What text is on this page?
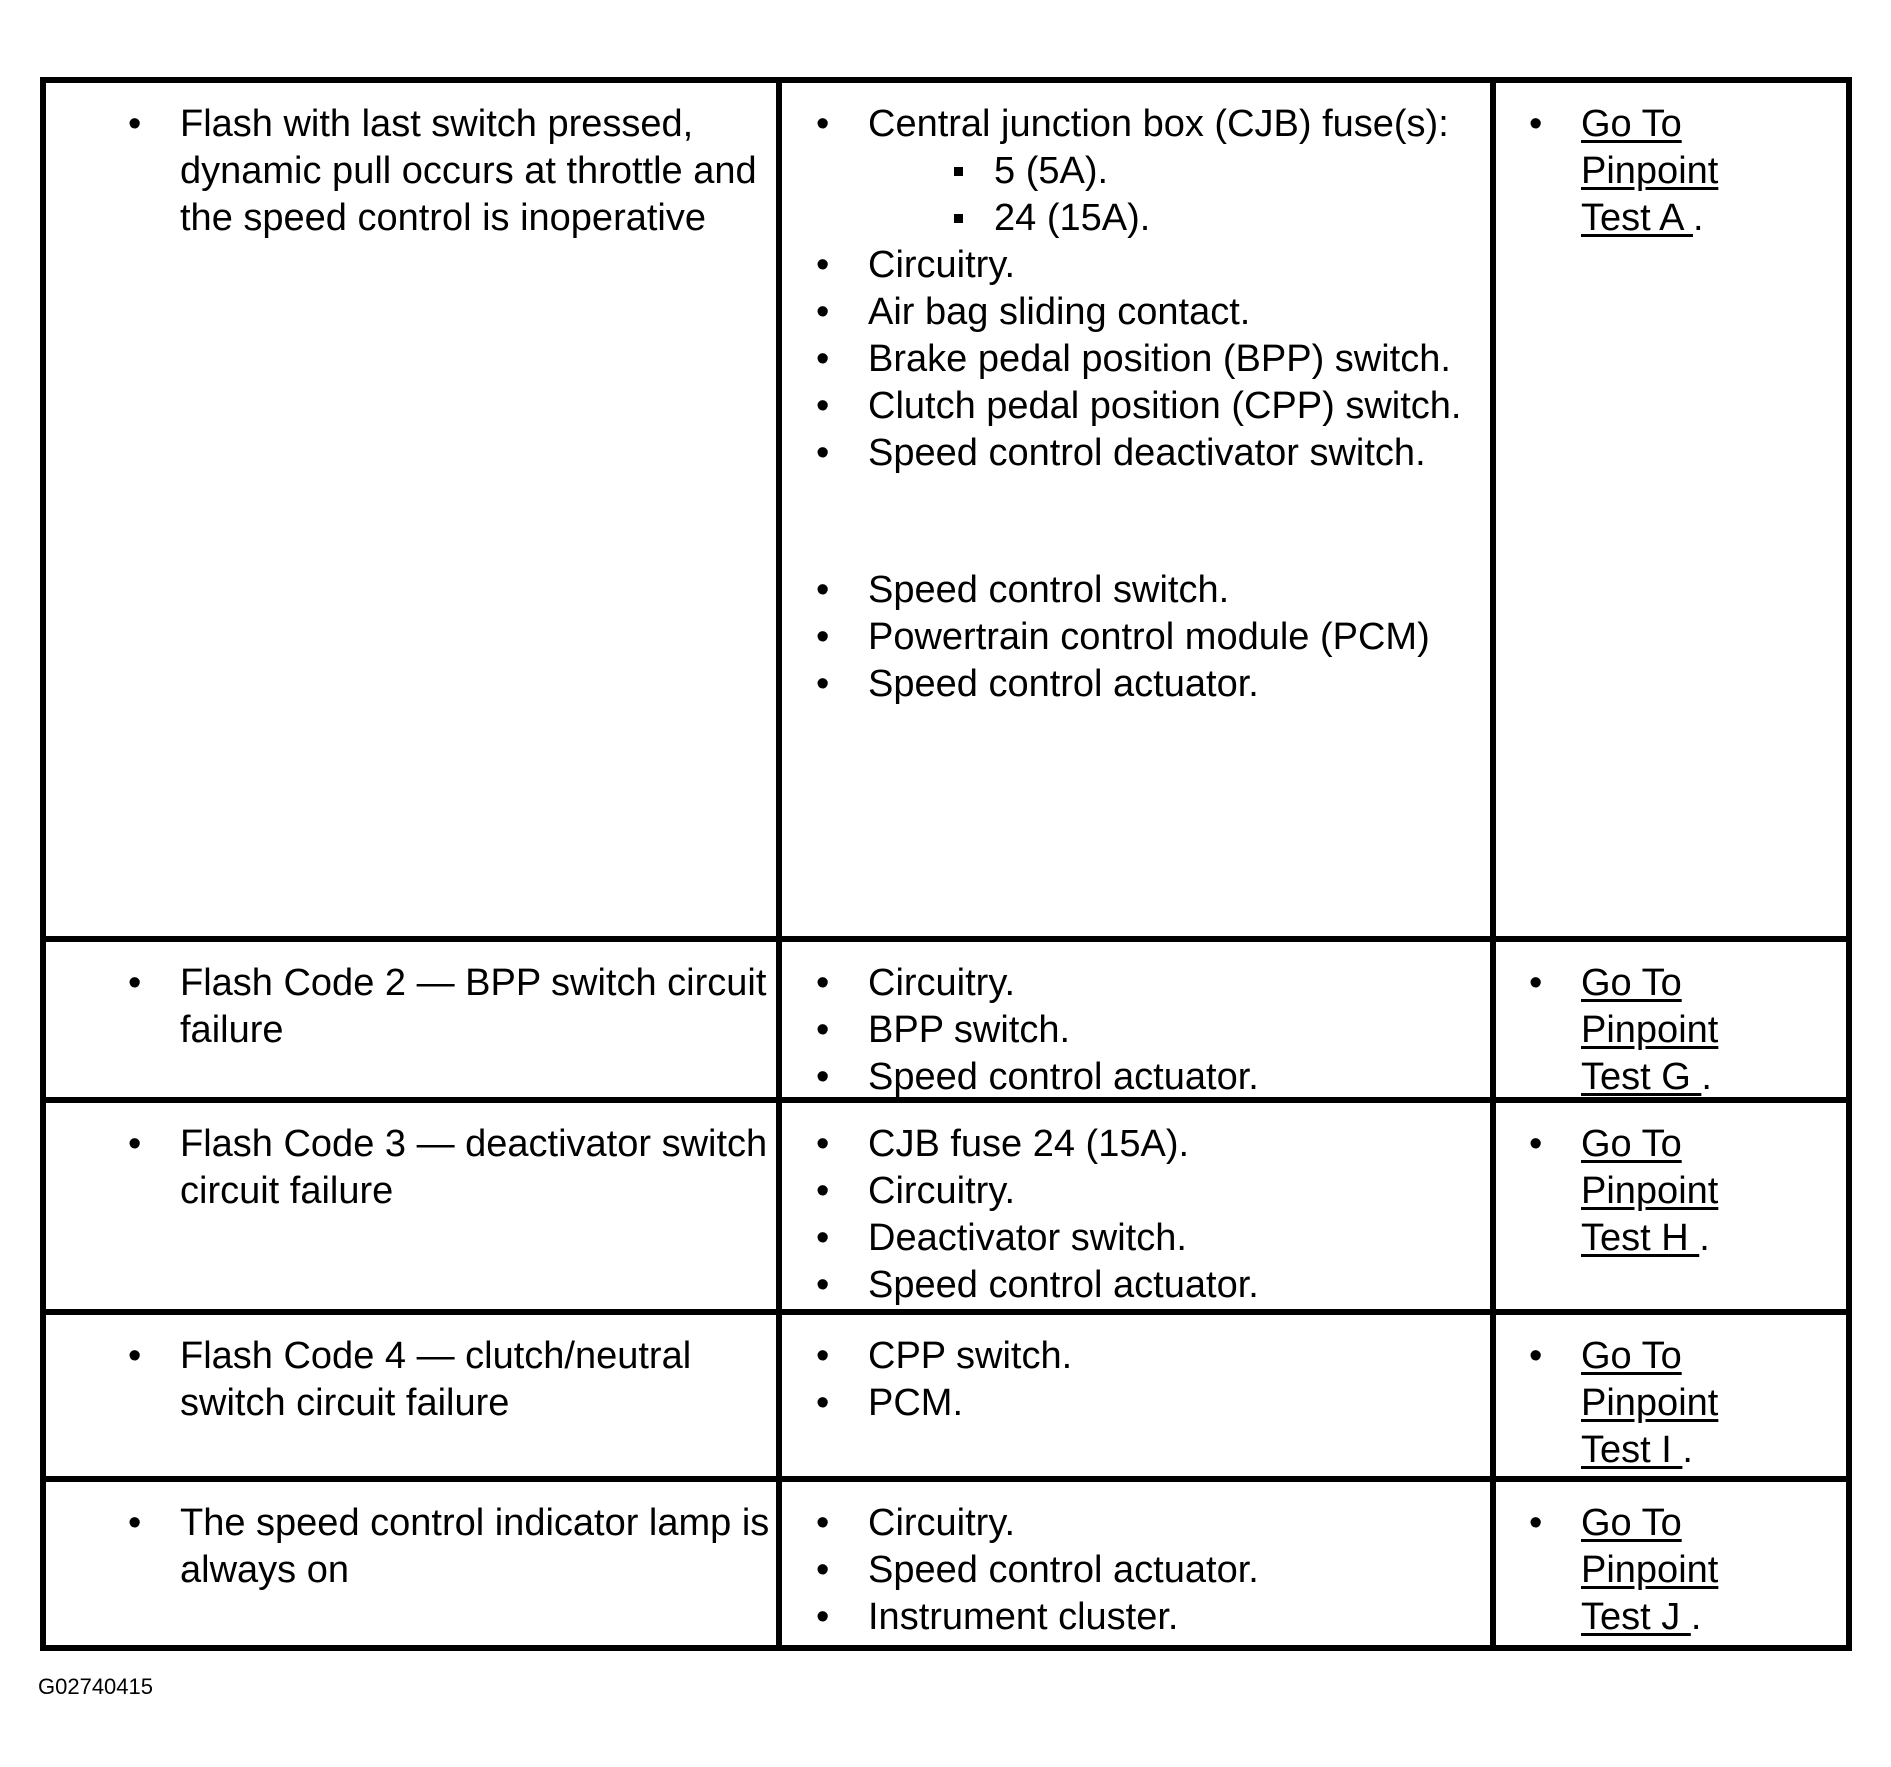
• Flash with last switch pressed, dynamic pull occurs at throttle and the speed control is inoperative
• Central junction box (CJB) fuse(s):
5 (5A).
24 (15A).
• Circuitry.
• Air bag sliding contact.
• Brake pedal position (BPP) switch.
• Clutch pedal position (CPP) switch.
• Speed control deactivator switch.
• Speed control switch.
• Powertrain control module (PCM)
• Speed control actuator.
• Go To
Pinpoint
Test A .
• Flash Code 2 — BPP switch circuit failure
• Circuitry.
• BPP switch.
• Speed control actuator.
• Go To
Pinpoint
Test G .
• Flash Code 3 — deactivator switch circuit failure
• CJB fuse 24 (15A).
• Circuitry.
• Deactivator switch.
• Speed control actuator.
• Go To
Pinpoint
Test H .
• Flash Code 4 — clutch/neutral switch circuit failure
• CPP switch.
• PCM.
• Go To
Pinpoint
Test I .
• The speed control indicator lamp is always on
• Circuitry.
• Speed control actuator.
• Instrument cluster.
• Go To
Pinpoint
Test J .
G02740415
